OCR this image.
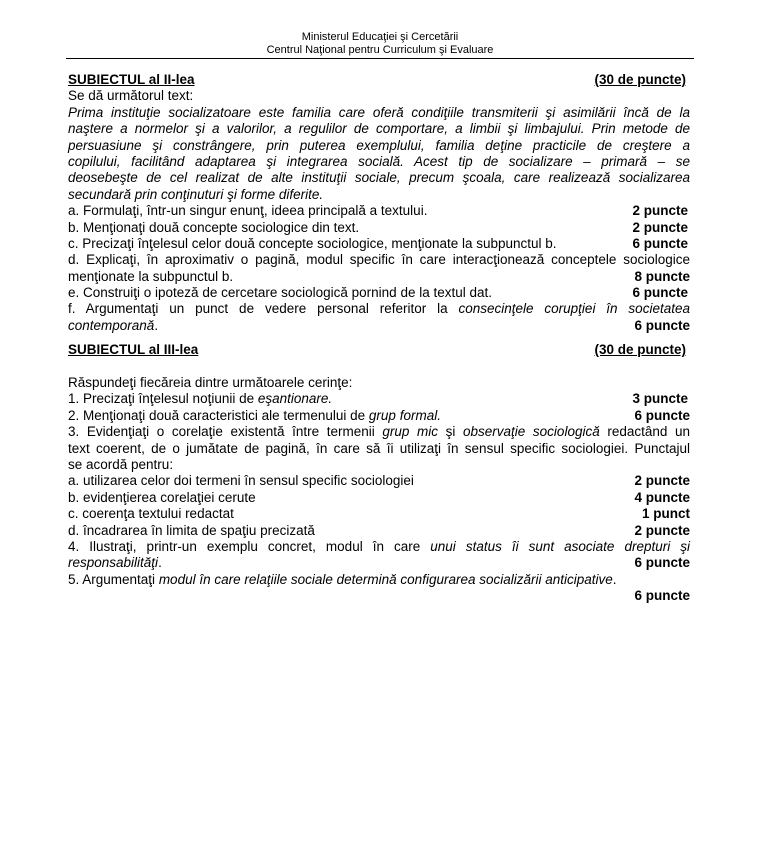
Ministerul Educaţiei şi Cercetării
Centrul Naţional pentru Curriculum şi Evaluare
SUBIECTUL al II-lea	(30 de puncte)
Se dă următorul text:
Prima instituţie socializatoare este familia care oferă condiţiile transmiterii şi asimilării încă de la
naştere a normelor şi a valorilor, a regulilor de comportare, a limbii şi limbajului. Prin metode de
persuasiune şi constrângere, prin puterea exemplului, familia deţine practicile de creştere a
copilului, facilitând adaptarea şi integrarea socială. Acest tip de socializare – primară – se
deosebeşte de cel realizat de alte instituţii sociale, precum şcoala, care realizează socializarea
secundară prin conţinuturi şi forme diferite.
a. Formulaţi, într-un singur enunţ, ideea principală a textului.	2 puncte
b. Menţionaţi două concepte sociologice din text.	2 puncte
c. Precizaţi înţelesul celor două concepte sociologice, menţionate la subpunctul b.	6 puncte
d. Explicaţi, în aproximativ o pagină, modul specific în care interacţionează conceptele sociologice
menţionate la subpunctul b.	8 puncte
e. Construiţi o ipoteză de cercetare sociologică pornind de la textul dat.	6 puncte
f. Argumentaţi un punct de vedere personal referitor la consecinţele corupţiei în societatea
contemporană.	6 puncte
SUBIECTUL al III-lea	(30 de puncte)
Răspundeţi fiecăreia dintre următoarele cerinţe:
1. Precizaţi înţelesul noţiunii de eşantionare.	3 puncte
2. Menţionaţi două caracteristici ale termenului de grup formal.	6 puncte
3. Evidenţiaţi o corelaţie existentă între termenii grup mic şi observaţie sociologică redactând un
text coerent, de o jumătate de pagină, în care să îi utilizaţi în sensul specific sociologiei. Punctajul
se acordă pentru:
a. utilizarea celor doi termeni în sensul specific sociologiei	2 puncte
b. evidenţierea corelaţiei cerute	4 puncte
c. coerenţa textului redactat	1 punct
d. încadrarea în limita de spaţiu precizată	2 puncte
4. Ilustraţi, printr-un exemplu concret, modul în care unui status îi sunt asociate drepturi şi
responsabilităţi.	6 puncte
5. Argumentaţi modul în care relaţiile sociale determină configurarea socializării anticipative.
6 puncte
